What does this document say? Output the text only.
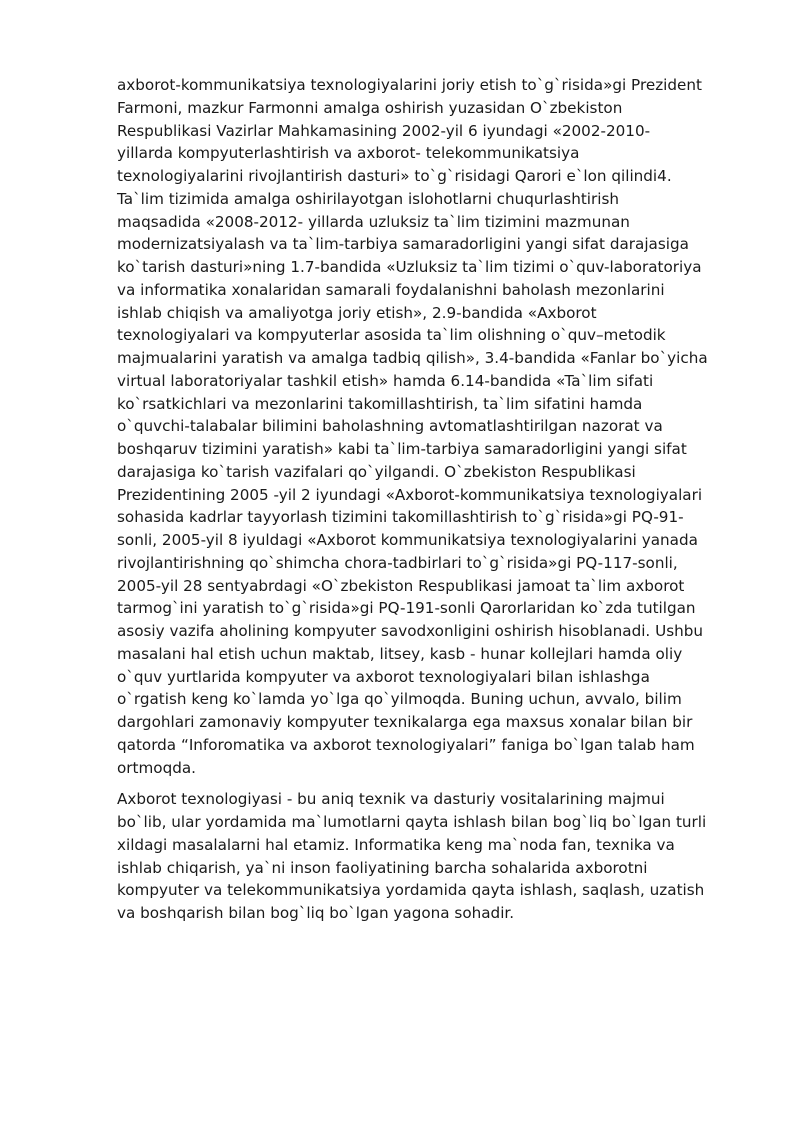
axborot-kommunikatsiya texnologiyalarini joriy etish to`g`risida»gi Prezident
Farmoni, mazkur Farmonni amalga oshirish yuzasidan O`zbekiston
Respublikasi Vazirlar Mahkamasining 2002-yil 6 iyundagi «2002-2010-
yillarda kompyuterlashtirish va axborot- telekommunikatsiya
texnologiyalarini rivojlantirish dasturi» to`g`risidagi Qarori e`lon qilindi4.
Ta`lim tizimida amalga oshirilayotgan islohotlarni chuqurlashtirish
maqsadida «2008-2012- yillarda uzluksiz ta`lim tizimini mazmunan
modernizatsiyalash va ta`lim-tarbiya samaradorligini yangi sifat darajasiga
ko`tarish dasturi»ning 1.7-bandida «Uzluksiz ta`lim tizimi o`quv-laboratoriya
va informatika xonalaridan samarali foydalanishni baholash mezonlarini
ishlab chiqish va amaliyotga joriy etish», 2.9-bandida «Axborot
texnologiyalari va kompyuterlar asosida ta`lim olishning o`quv–metodik
majmualarini yaratish va amalga tadbiq qilish», 3.4-bandida «Fanlar bo`yicha
virtual laboratoriyalar tashkil etish» hamda 6.14-bandida «Ta`lim sifati
ko`rsatkichlari va mezonlarini takomillashtirish, ta`lim sifatini hamda
o`quvchi-talabalar bilimini baholashning avtomatlashtirilgan nazorat va
boshqaruv tizimini yaratish» kabi ta`lim-tarbiya samaradorligini yangi sifat
darajasiga ko`tarish vazifalari qo`yilgandi. O`zbekiston Respublikasi
Prezidentining 2005 -yil 2 iyundagi «Axborot-kommunikatsiya texnologiyalari
sohasida kadrlar tayyorlash tizimini takomillashtirish to`g`risida»gi PQ-91-
sonli, 2005-yil 8 iyuldagi «Axborot kommunikatsiya texnologiyalarini yanada
rivojlantirishning qo`shimcha chora-tadbirlari to`g`risida»gi PQ-117-sonli,
2005-yil 28 sentyabrdagi «O`zbekiston Respublikasi jamoat ta`lim axborot
tarmog`ini yaratish to`g`risida»gi PQ-191-sonli Qarorlaridan ko`zda tutilgan
asosiy vazifa aholining kompyuter savodxonligini oshirish hisoblanadi. Ushbu
masalani hal etish uchun maktab, litsey, kasb - hunar kollejlari hamda oliy
o`quv yurtlarida kompyuter va axborot texnologiyalari bilan ishlashga
o`rgatish keng ko`lamda yo`lga qo`yilmoqda. Buning uchun, avvalo, bilim
dargohlari zamonaviy kompyuter texnikalarga ega maxsus xonalar bilan bir
qatorda “Inforomatika va axborot texnologiyalari” faniga bo`lgan talab ham
ortmoqda.

Axborot texnologiyasi - bu aniq texnik va dasturiy vositalarining majmui
bo`lib, ular yordamida ma`lumotlarni qayta ishlash bilan bog`liq bo`lgan turli
xildagi masalalarni hal etamiz. Informatika keng ma`noda fan, texnika va
ishlab chiqarish, ya`ni inson faoliyatining barcha sohalarida axborotni
kompyuter va telekommunikatsiya yordamida qayta ishlash, saqlash, uzatish
va boshqarish bilan bog`liq bo`lgan yagona sohadir.
